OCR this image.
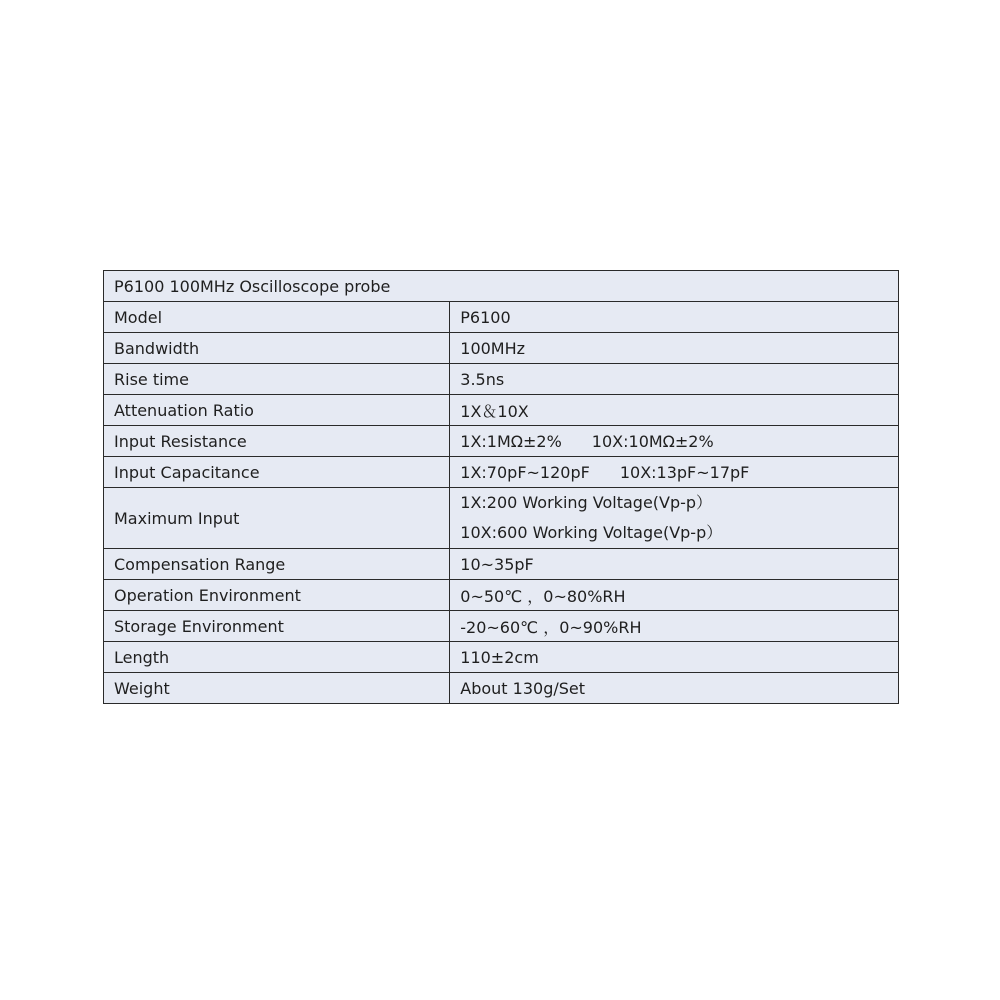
P6100 100MHz Oscilloscope probe	
Model	P6100
Bandwidth	100MHz
Rise time	3.5ns
Attenuation Ratio	1X＆10X
Input Resistance	1X:1MΩ±2% 10X:10MΩ±2%
Input Capacitance	1X:70pF~120pF 10X:13pF~17pF
Maximum Input	1X:200 Working Voltage(Vp-p）
10X:600 Working Voltage(Vp-p）

Compensation Range	10~35pF
Operation Environment	0~50℃ ，0~80%RH
Storage Environment	-20~60℃ ，0~90%RH
Length	110±2cm
Weight	About 130g/Set
